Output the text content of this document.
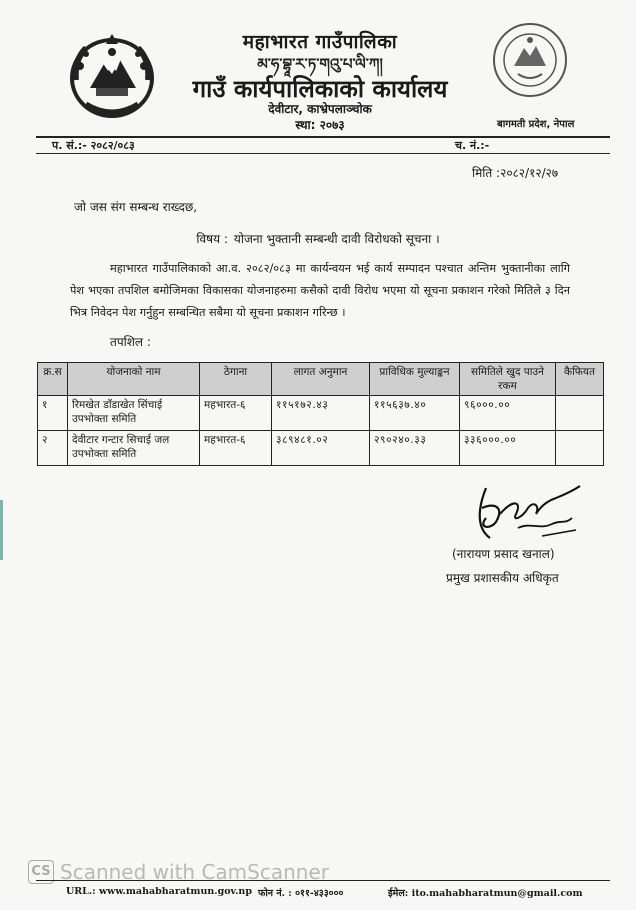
महाभारत गाउँपालिका
མ་ཧ་བྷཱ་ར་ཏ་གའུ་པ་ལི་ཀ།
गाउँ कार्यपालिकाको कार्यालय
देवीटार, काभ्रेपलाञ्चोक
स्था: २०७३	बागमती प्रदेश, नेपाल
प. सं.:- २०८२/०८३	च. नं.:-
मिति :२०८२/१२/२७
जो जस संग सम्बन्ध राख्दछ,
विषय : योजना भुक्तानी सम्बन्धी दावी विरोधको सूचना ।
महाभारत गाउँपालिकाको आ.व. २०८२/०८३ मा कार्यन्वयन भई कार्य सम्पादन पश्चात अन्तिम भुक्तानीका लागि पेश भएका तपशिल बमोजिमका विकासका योजनाहरुमा कसैको दावी विरोध भएमा यो सूचना प्रकाशन गरेको मितिले ३ दिन भित्र निवेदन पेश गर्नुहुन सम्बन्धित सबैमा यो सूचना प्रकाशन गरिन्छ ।
तपशिल :
क्र.स	योजनाको नाम	ठेगाना	लागत अनुमान	प्राविधिक मुल्याङ्कन	समितिले खुद पाउने रकम	कैफियत
१	रिमखेत डाँडाखेत सिंचाई उपभोक्ता समिति	महभारत-६	११५१७२.४३	११५६३७.४०	९६०००.००	
२	देवीटार गन्टार सिचाई जल उपभोक्ता समिति	महभारत-६	३८९४८१.०२	२९०२४०.३३	३३६०००.००	
(नारायण प्रसाद खनाल)
प्रमुख प्रशासकीय अधिकृत
CS Scanned with CamScanner
URL.: www.mahabharatmun.gov.np फोन नं. : ०११-४३३०००	ईमेल: ito.mahabharatmun@gmail.com
